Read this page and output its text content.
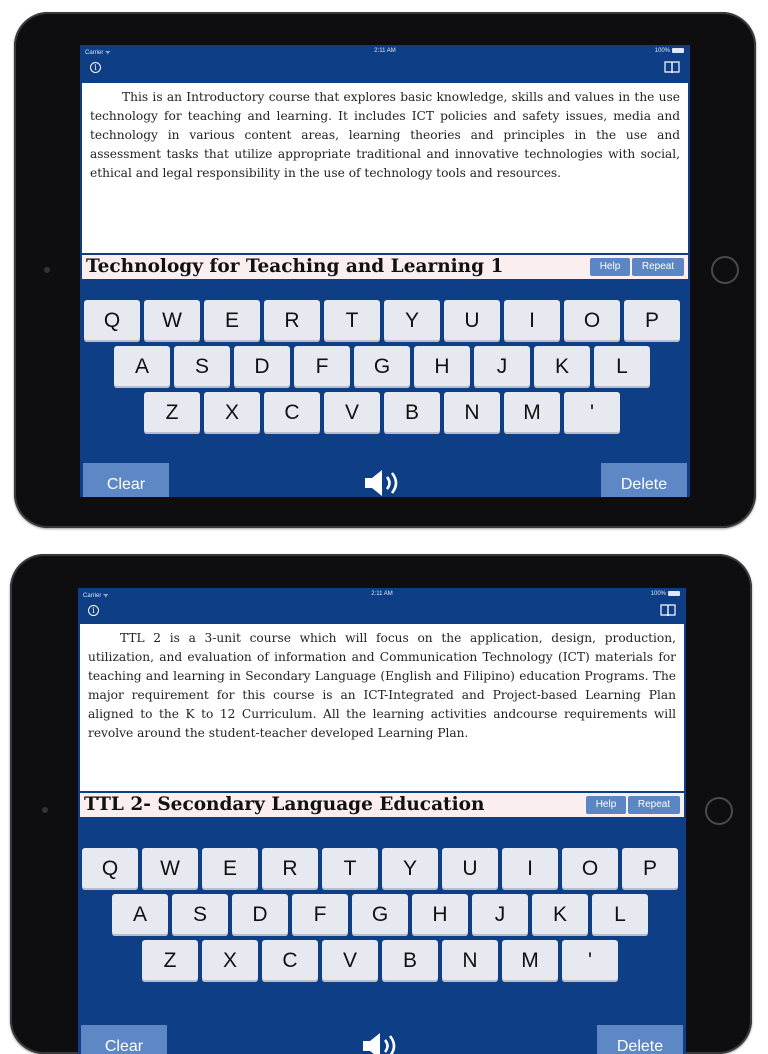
Carrier ᯤ	2:11 AM	100%
i
This is an Introductory course that explores basic knowledge, skills and values in the use technology for teaching and learning. It includes ICT policies and safety issues, media and technology in various content areas, learning theories and principles in the use and assessment tasks that utilize appropriate traditional and innovative technologies with social, ethical and legal responsibility in the use of technology tools and resources.
Technology for Teaching and Learning 1	Help	Repeat
Q	W	E	R	T	Y	U	I	O	P
A	S	D	F	G	H	J	K	L
Z	X	C	V	B	N	M	'
Clear	Delete
Carrier ᯤ	2:11 AM	100%
i
TTL 2 is a 3-unit course which will focus on the application, design, production, utilization, and evaluation of information and Communication Technology (ICT) materials for teaching and learning in Secondary Language (English and Filipino) education Programs. The major requirement for this course is an ICT-Integrated and Project-based Learning Plan aligned to the K to 12 Curriculum. All the learning activities andcourse requirements will revolve around the student-teacher developed Learning Plan.
TTL 2- Secondary Language Education	Help	Repeat
Q	W	E	R	T	Y	U	I	O	P
A	S	D	F	G	H	J	K	L
Z	X	C	V	B	N	M	'
Clear	Delete
